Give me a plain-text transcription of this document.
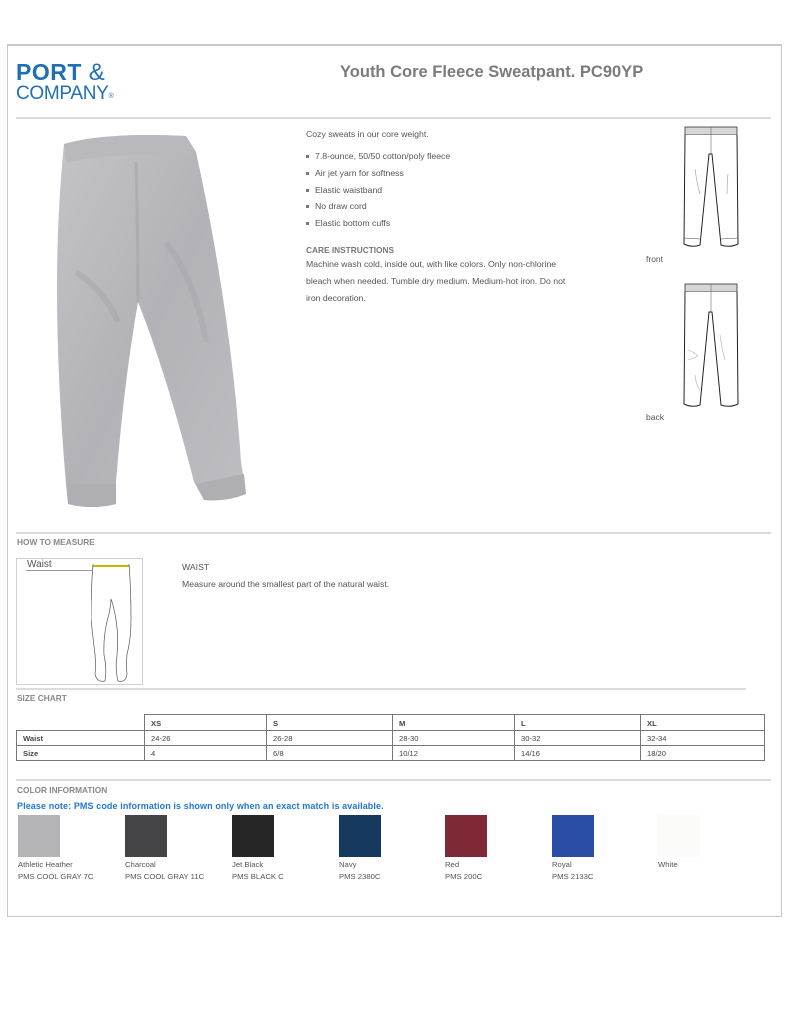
PORT &
COMPANY®
Youth Core Fleece Sweatpant. PC90YP
Cozy sweats in our core weight.
7.8-ounce, 50/50 cotton/poly fleece
Air jet yarn for softness
Elastic waistband
No draw cord
Elastic bottom cuffs
CARE INSTRUCTIONS
Machine wash cold, inside out, with like colors. Only non-chlorine bleach when needed. Tumble dry medium. Medium-hot iron. Do not iron decoration.
front
back
HOW TO MEASURE
Waist	WAIST
Measure around the smallest part of the natural waist.
SIZE CHART
	XS	S	M	L	XL
Waist	24-26	26-28	28-30	30-32	32-34
Size	4	6/8	10/12	14/16	18/20
COLOR INFORMATION
Please note: PMS code information is shown only when an exact match is available.
Athletic Heather
PMS COOL GRAY 7C
Charcoal
PMS COOL GRAY 11C
Jet Black
PMS BLACK C
Navy
PMS 2380C
Red
PMS 200C
Royal
PMS 2133C
White
